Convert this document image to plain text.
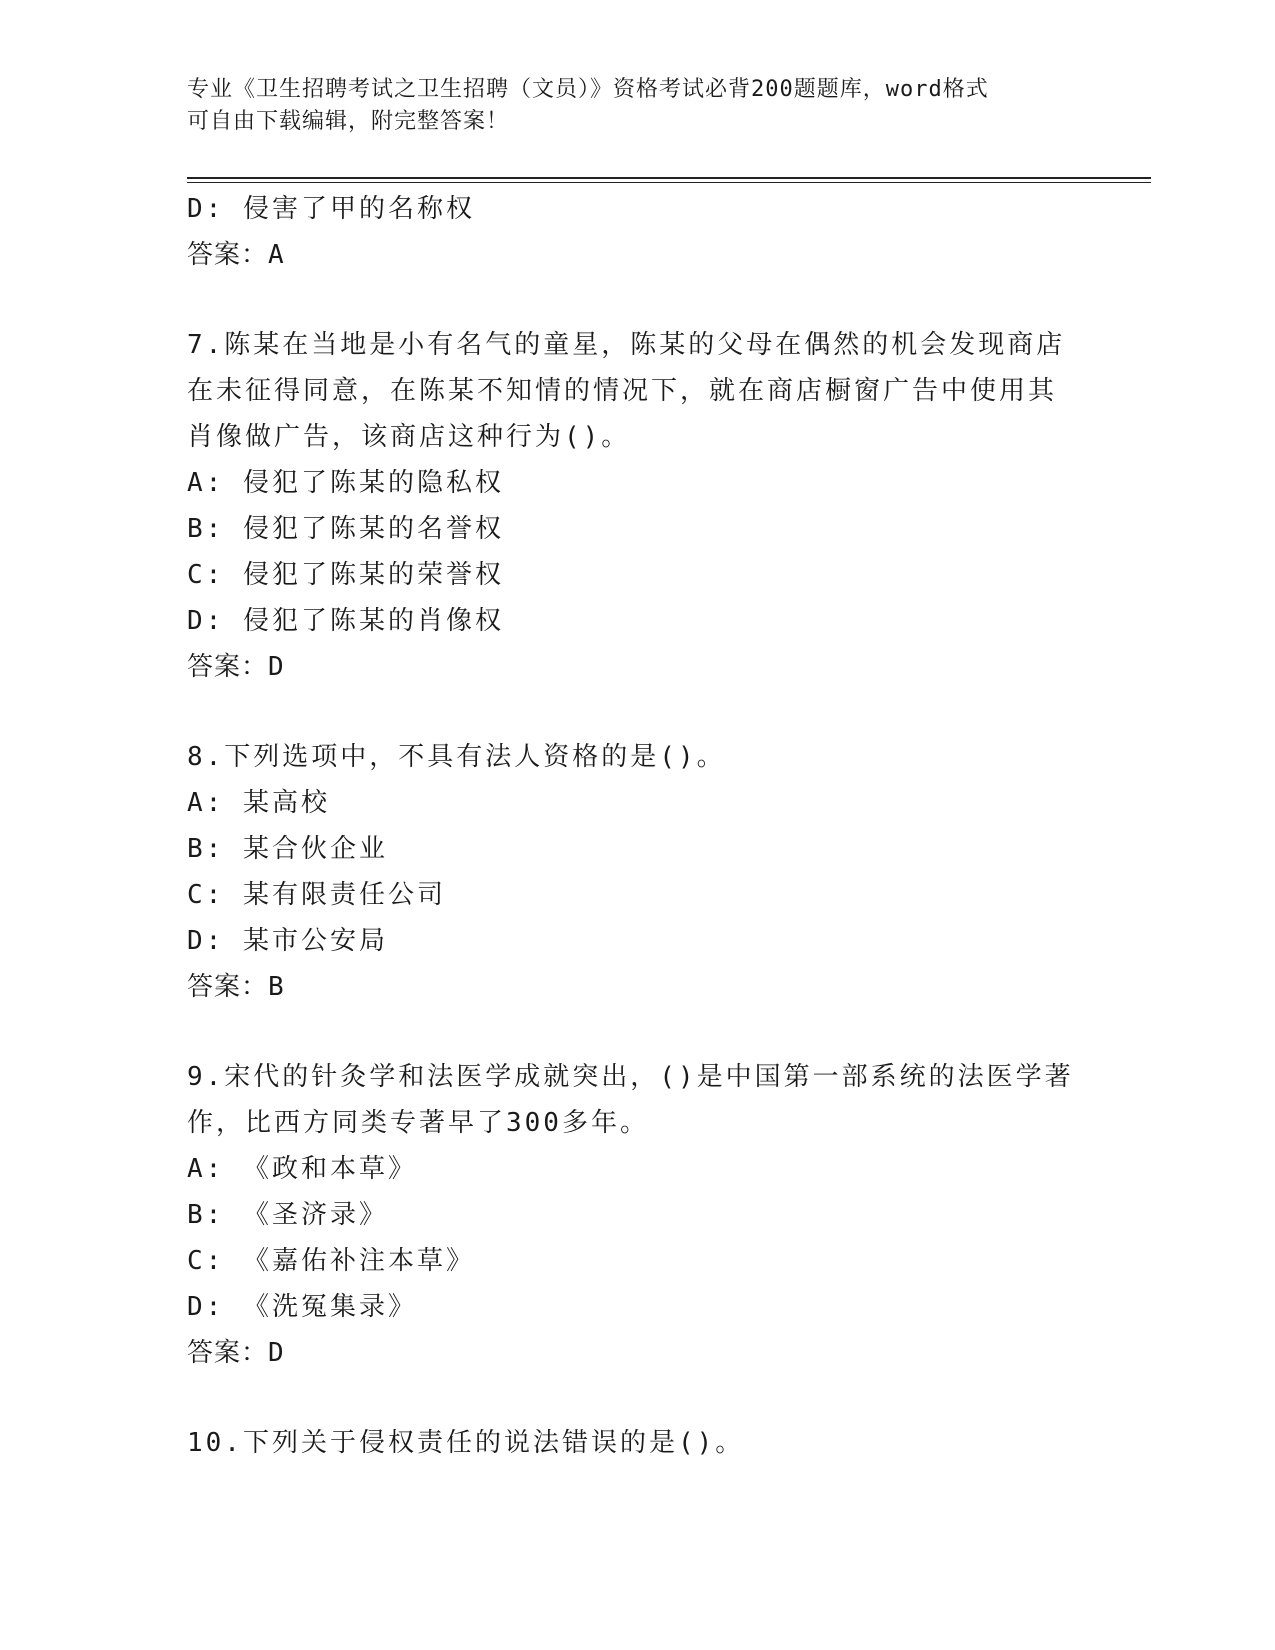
专业《卫生招聘考试之卫生招聘（文员）》资格考试必背200题题库，word格式
可自由下载编辑，附完整答案！
D: 侵害了甲的名称权
答案：A
7.陈某在当地是小有名气的童星，陈某的父母在偶然的机会发现商店
在未征得同意，在陈某不知情的情况下，就在商店橱窗广告中使用其
肖像做广告，该商店这种行为()。
A: 侵犯了陈某的隐私权
B: 侵犯了陈某的名誉权
C: 侵犯了陈某的荣誉权
D: 侵犯了陈某的肖像权
答案：D
8.下列选项中，不具有法人资格的是()。
A: 某高校
B: 某合伙企业
C: 某有限责任公司
D: 某市公安局
答案：B
9.宋代的针灸学和法医学成就突出，()是中国第一部系统的法医学著
作，比西方同类专著早了300多年。
A: 《政和本草》
B: 《圣济录》
C: 《嘉佑补注本草》
D: 《洗冤集录》
答案：D
10.下列关于侵权责任的说法错误的是()。
